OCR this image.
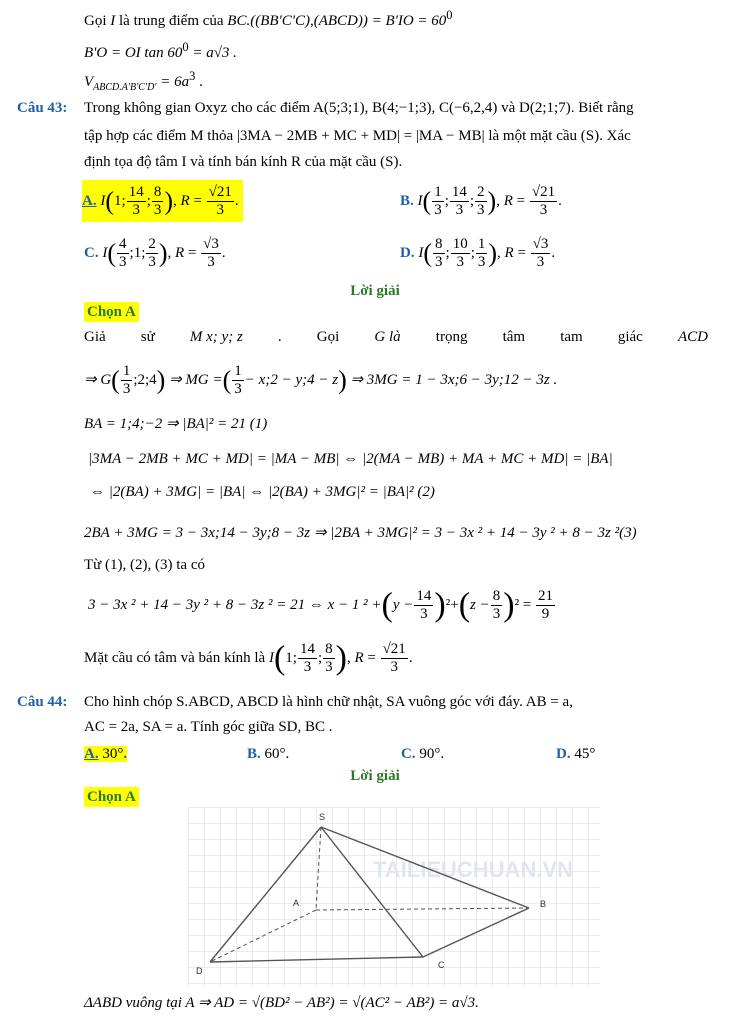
Gọi I là trung điểm của BC.((BB'C'C),(ABCD)) = $B'IO = 60^0$
B'O = OI $\tan 60^0 = a√3$ .
$V_{ABCD.A'B'C'D'} = 6a^3$ .
Câu 43: Trong không gian Oxyz cho các điểm A(5;3;1), B(4;−1;3), C(−6,2,4) và D(2;1;7). Biết rằng
tập hợp các điểm M thỏa |3MA − 2MB + MC + MD| = |MA − MB| là một mặt cầu (S). Xác
định tọa độ tâm I và tính bán kính R của mặt cầu (S).
A. I(1; $\frac{14}{3}$ ; $\frac{8}{3}$ ), $R = \frac{√21}{3}$ .	B. $I( \frac{1}{3}$ ; $\frac{14}{3}$ ; $\frac{2}{3}$ ), $R = \frac{√21}{3}$ .
C. $I( \frac{4}{3}$ ;1; $\frac{2}{3}$ ), $R = \frac{√3}{3}$ .	D. $I( \frac{8}{3}$ ; $\frac{10}{3}$ ; $\frac{1}{3}$ ), $R = \frac{√3}{3}$ .
Lời giải
Chọn A
Giả sử M x; y; z . Gọi G là trọng tâm tam giác ACD
⇒ $G( \frac{1}{3}$ ;2;4) ⇒ MG =( $\frac{1}{3}$ − x;2 − y;4 − z) ⇒ 3MG = 1 − 3x;6 − 3y;12 − 3z .
BA = 1;4;−2 ⇒ |BA|² = 21 (1)
|3MA − 2MB + MC + MD| = |MA − MB| ⇔ |2(MA − MB) + MA + MC + MD| = |BA|
⇔ |2(BA) + 3MG| = |BA| ⇔ |2(BA) + 3MG|² = |BA|² (2)
2BA + 3MG = 3 − 3x;14 − 3y;8 − 3z ⇒ |2BA + 3MG|² = 3 − 3x ² + 14 − 3y ² + 8 − 3z ²(3)
Từ (1), (2), (3) ta có
3 − 3x ² + 14 − 3y ² + 8 − 3z ² = 21 ⇔ x − 1 $^2 +(y - \frac{14}{3} )^2+(z - \frac{8}{3} )^2 = \frac{21}{9}$
Mặt cầu có tâm và bán kính là I(1; $\frac{14}{3}$ ; $\frac{8}{3}$ ), $R = \frac{√21}{3}$ .
Câu 44: Cho hình chóp S.ABCD, ABCD là hình chữ nhật, SA vuông góc với đáy. AB = a,
AC = 2a, SA = a. Tính góc giữa SD, BC .
A. 30°.	B. 60°.	C. 90°.	D. 45°
Lời giải
Chọn A
TAILIEUCHUAN.VN
S
A	B
C
D
ΔABD vuông tại A ⇒ AD = √(BD² − AB²) = √(AC² − AB²) = a√3.
